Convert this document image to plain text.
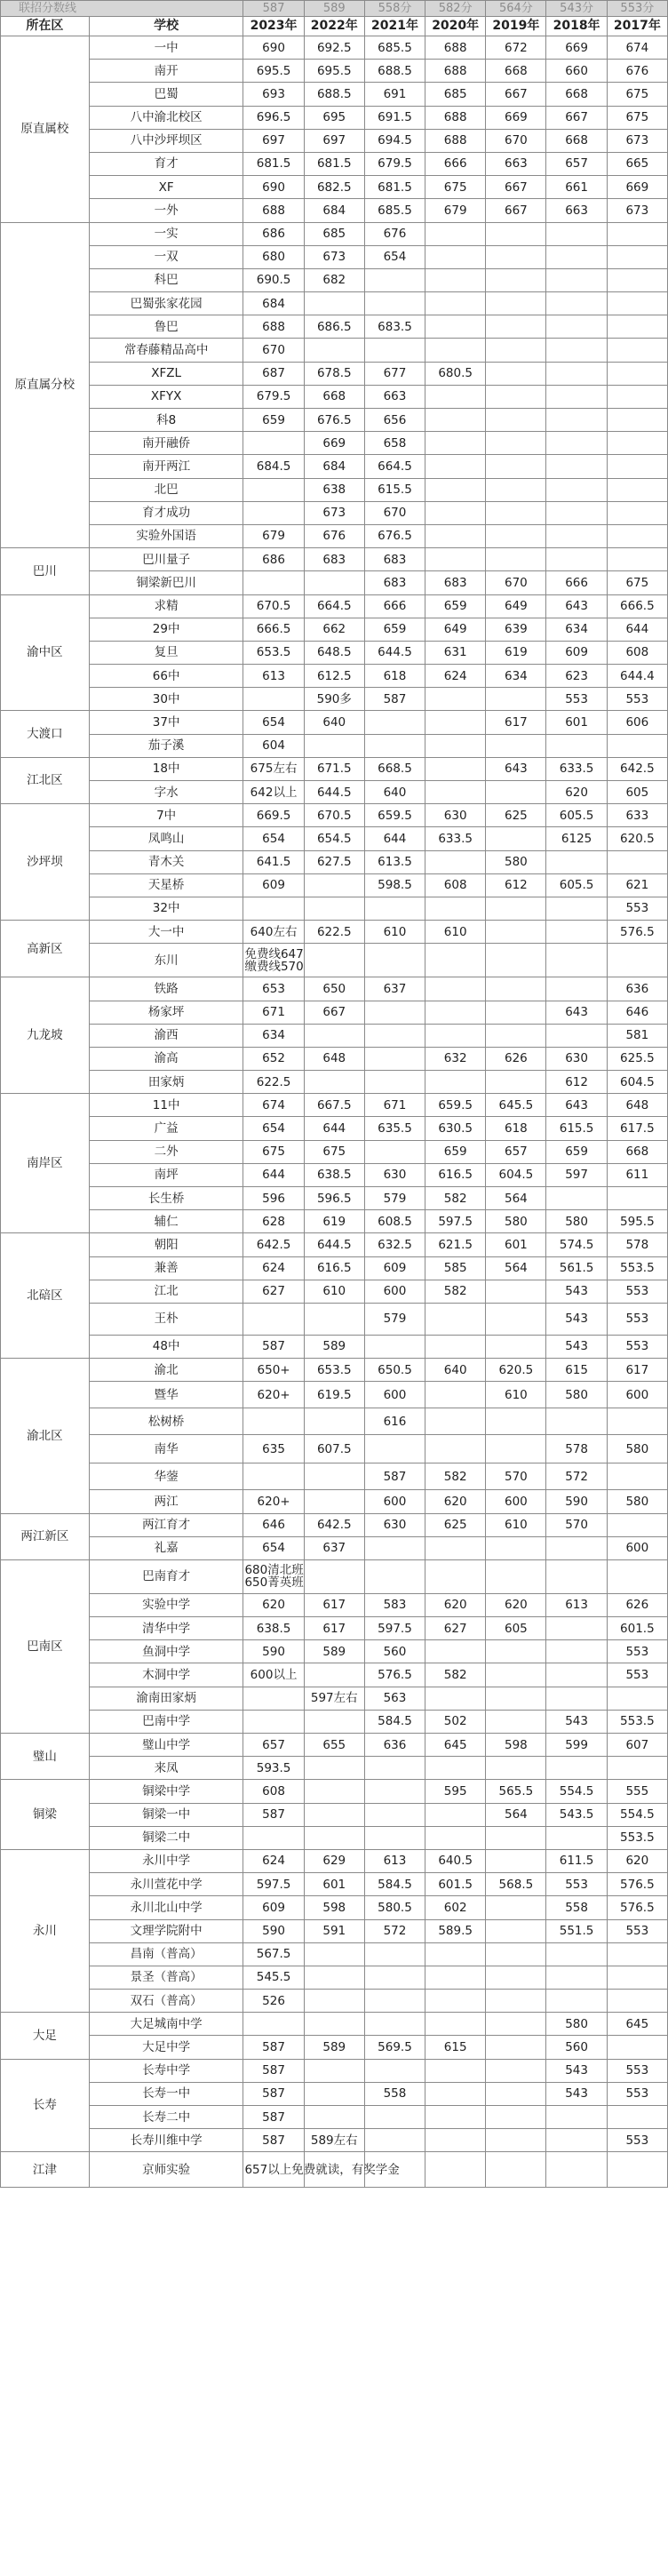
联招分数线		587	589	558分	582分	564分	543分	553分
所在区	学校	2023年	2022年	2021年	2020年	2019年	2018年	2017年
原直属校	一中	690	692.5	685.5	688	672	669	674
	南开	695.5	695.5	688.5	688	668	660	676
	巴蜀	693	688.5	691	685	667	668	675
	八中渝北校区	696.5	695	691.5	688	669	667	675
	八中沙坪坝区	697	697	694.5	688	670	668	673
	育才	681.5	681.5	679.5	666	663	657	665
	XF	690	682.5	681.5	675	667	661	669
	一外	688	684	685.5	679	667	663	673
原直属分校	一实	686	685	676				
	一双	680	673	654				
	科巴	690.5	682					
	巴蜀张家花园	684						
	鲁巴	688	686.5	683.5				
	常春藤精品高中	670						
	XFZL	687	678.5	677	680.5			
	XFYX	679.5	668	663				
	科8	659	676.5	656				
	南开融侨		669	658				
	南开两江	684.5	684	664.5				
	北巴		638	615.5				
	育才成功		673	670				
	实验外国语	679	676	676.5				
巴川	巴川量子	686	683	683				
	铜梁新巴川			683	683	670	666	675
渝中区	求精	670.5	664.5	666	659	649	643	666.5
	29中	666.5	662	659	649	639	634	644
	复旦	653.5	648.5	644.5	631	619	609	608
	66中	613	612.5	618	624	634	623	644.4
	30中		590多	587			553	553
大渡口	37中	654	640			617	601	606
	茄子溪	604						
江北区	18中	675左右	671.5	668.5		643	633.5	642.5
	字水	642以上	644.5	640			620	605
沙坪坝	7中	669.5	670.5	659.5	630	625	605.5	633
	凤鸣山	654	654.5	644	633.5		6125	620.5
	青木关	641.5	627.5	613.5		580		
	天星桥	609		598.5	608	612	605.5	621
	32中							553
高新区	大一中	640左右	622.5	610	610			576.5
	东川	免费线647
缴费线570						
九龙坡	铁路	653	650	637				636
	杨家坪	671	667				643	646
	渝西	634						581
	渝高	652	648		632	626	630	625.5
	田家炳	622.5					612	604.5
南岸区	11中	674	667.5	671	659.5	645.5	643	648
	广益	654	644	635.5	630.5	618	615.5	617.5
	二外	675	675		659	657	659	668
	南坪	644	638.5	630	616.5	604.5	597	611
	长生桥	596	596.5	579	582	564		
	辅仁	628	619	608.5	597.5	580	580	595.5
北碚区	朝阳	642.5	644.5	632.5	621.5	601	574.5	578
	兼善	624	616.5	609	585	564	561.5	553.5
	江北	627	610	600	582		543	553
	王朴			579			543	553
	48中	587	589				543	553
渝北区	渝北	650+	653.5	650.5	640	620.5	615	617
	暨华	620+	619.5	600		610	580	600
	松树桥			616				
	南华	635	607.5				578	580
	华蓥			587	582	570	572	
	两江	620+		600	620	600	590	580
两江新区	两江育才	646	642.5	630	625	610	570	
	礼嘉	654	637					600
巴南区	巴南育才	680清北班
650菁英班						
	实验中学	620	617	583	620	620	613	626
	清华中学	638.5	617	597.5	627	605		601.5
	鱼洞中学	590	589	560				553
	木洞中学	600以上		576.5	582			553
	渝南田家炳		597左右	563				
	巴南中学			584.5	502		543	553.5
璧山	璧山中学	657	655	636	645	598	599	607
	来凤	593.5						
铜梁	铜梁中学	608			595	565.5	554.5	555
	铜梁一中	587				564	543.5	554.5
	铜梁二中							553.5
永川	永川中学	624	629	613	640.5		611.5	620
	永川萱花中学	597.5	601	584.5	601.5	568.5	553	576.5
	永川北山中学	609	598	580.5	602		558	576.5
	文理学院附中	590	591	572	589.5		551.5	553
	昌南（普高）	567.5						
	景圣（普高）	545.5						
	双石（普高）	526						
大足	大足城南中学						580	645
	大足中学	587	589	569.5	615		560	
长寿	长寿中学	587					543	553
	长寿一中	587		558			543	553
	长寿二中	587						
	长寿川维中学	587	589左右					553
江津	京师实验	657以上免费就读，有奖学金						
